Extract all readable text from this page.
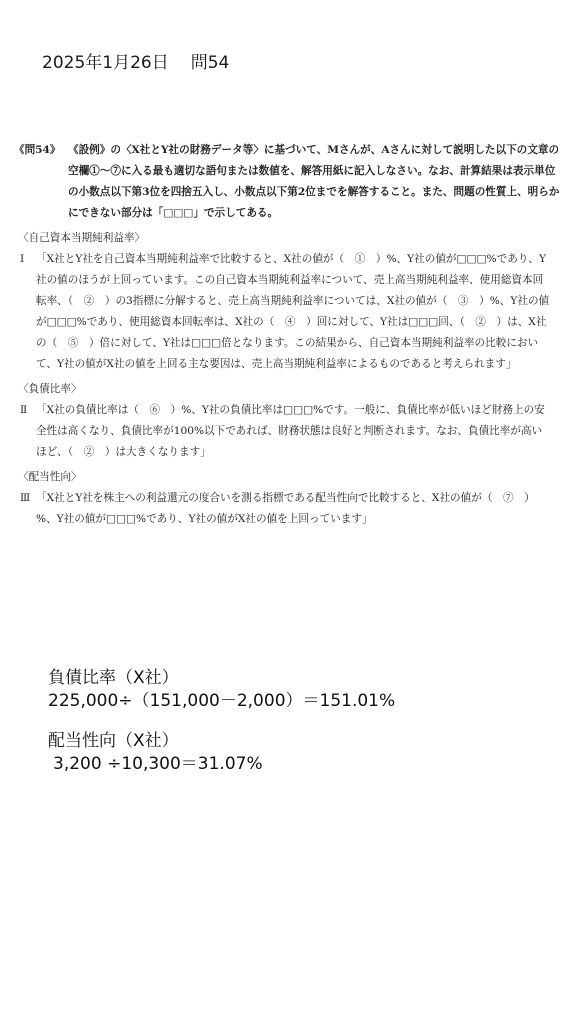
2025年1月26日 問54
《問54》 《設例》の〈X社とY社の財務データ等〉に基づいて、Mさんが、Aさんに対して説明した以下の文章の空欄①～⑦に入る最も適切な語句または数値を、解答用紙に記入しなさい。なお、計算結果は表示単位の小数点以下第3位を四捨五入し、小数点以下第2位までを解答すること。また、問題の性質上、明らかにできない部分は「□□□」で示してある。
〈自己資本当期純利益率〉
Ⅰ	「X社とY社を自己資本当期純利益率で比較すると、X社の値が（　①　）%、Y社の値が□□□%であり、Y社の値のほうが上回っています。この自己資本当期純利益率について、売上高当期純利益率、使用総資本回転率、（　②　）の3指標に分解すると、売上高当期純利益率については、X社の値が（　③　）%、Y社の値が□□□%であり、使用総資本回転率は、X社の（　④　）回に対して、Y社は□□□回、（　②　）は、X社の（　⑤　）倍に対して、Y社は□□□倍となります。この結果から、自己資本当期純利益率の比較において、Y社の値がX社の値を上回る主な要因は、売上高当期純利益率によるものであると考えられます」
〈負債比率〉
Ⅱ 「X社の負債比率は（　⑥　）%、Y社の負債比率は□□□%です。一般に、負債比率が低いほど財務上の安全性は高くなり、負債比率が100%以下であれば、財務状態は良好と判断されます。なお、負債比率が高いほど、（　②　）は大きくなります」
〈配当性向〉
Ⅲ 「X社とY社を株主への利益還元の度合いを測る指標である配当性向で比較すると、X社の値が（　⑦　）%、Y社の値が□□□%であり、Y社の値がX社の値を上回っています」

負債比率（X社）

225,000÷（151,000－2,000）＝151.01%

配当性向（X社）

3,200 ÷10,300＝31.07%
